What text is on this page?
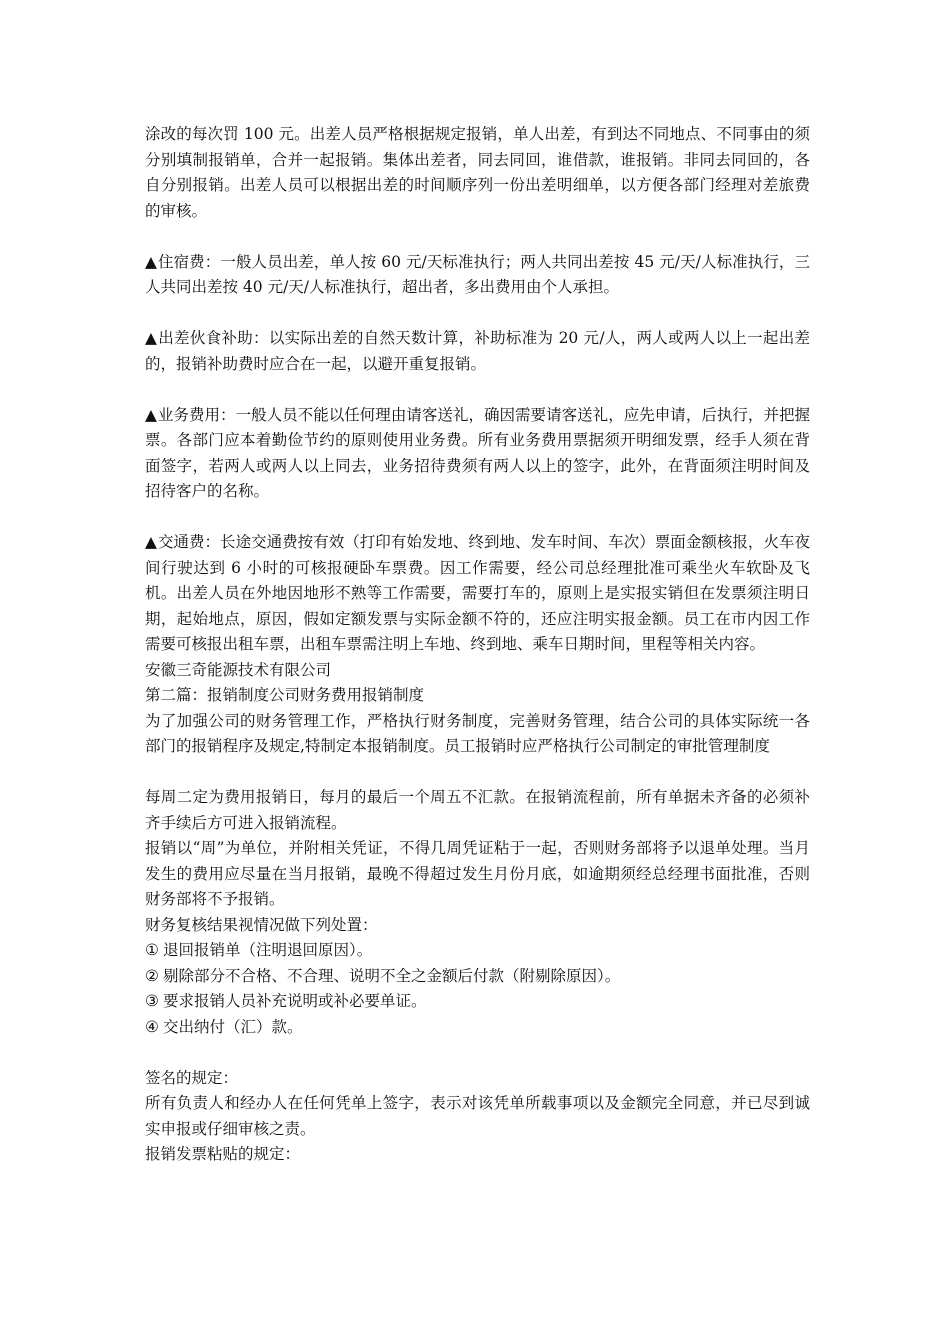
涂改的每次罚 100 元。出差人员严格根据规定报销，单人出差，有到达不同地点、不同事由的须分别填制报销单，合并一起报销。集体出差者，同去同回，谁借款，谁报销。非同去同回的，各自分别报销。出差人员可以根据出差的时间顺序列一份出差明细单，以方便各部门经理对差旅费的审核。

▲住宿费：一般人员出差，单人按 60 元/天标准执行；两人共同出差按 45 元/天/人标准执行，三人共同出差按 40 元/天/人标准执行，超出者，多出费用由个人承担。

▲出差伙食补助：以实际出差的自然天数计算，补助标准为 20 元/人，两人或两人以上一起出差的，报销补助费时应合在一起，以避开重复报销。

▲业务费用：一般人员不能以任何理由请客送礼，确因需要请客送礼，应先申请，后执行，并把握票。各部门应本着勤俭节约的原则使用业务费。所有业务费用票据须开明细发票，经手人须在背面签字，若两人或两人以上同去，业务招待费须有两人以上的签字，此外，在背面须注明时间及招待客户的名称。

▲交通费：长途交通费按有效（打印有始发地、终到地、发车时间、车次）票面金额核报，火车夜间行驶达到 6 小时的可核报硬卧车票费。因工作需要，经公司总经理批准可乘坐火车软卧及飞机。出差人员在外地因地形不熟等工作需要，需要打车的，原则上是实报实销但在发票须注明日期，起始地点，原因，假如定额发票与实际金额不符的，还应注明实报金额。员工在市内因工作需要可核报出租车票，出租车票需注明上车地、终到地、乘车日期时间，里程等相关内容。

安徽三奇能源技术有限公司

第二篇：报销制度公司财务费用报销制度

为了加强公司的财务管理工作，严格执行财务制度，完善财务管理，结合公司的具体实际统一各部门的报销程序及规定,特制定本报销制度。员工报销时应严格执行公司制定的审批管理制度

每周二定为费用报销日，每月的最后一个周五不汇款。在报销流程前，所有单据未齐备的必须补齐手续后方可进入报销流程。

报销以“周”为单位，并附相关凭证，不得几周凭证粘于一起，否则财务部将予以退单处理。当月发生的费用应尽量在当月报销，最晚不得超过发生月份月底，如逾期须经总经理书面批准，否则财务部将不予报销。

财务复核结果视情况做下列处置：

① 退回报销单（注明退回原因）。

② 剔除部分不合格、不合理、说明不全之金额后付款（附剔除原因）。

③ 要求报销人员补充说明或补必要单证。

④ 交出纳付（汇）款。

签名的规定：

所有负责人和经办人在任何凭单上签字，表示对该凭单所载事项以及金额完全同意，并已尽到诚实申报或仔细审核之责。

报销发票粘贴的规定：
